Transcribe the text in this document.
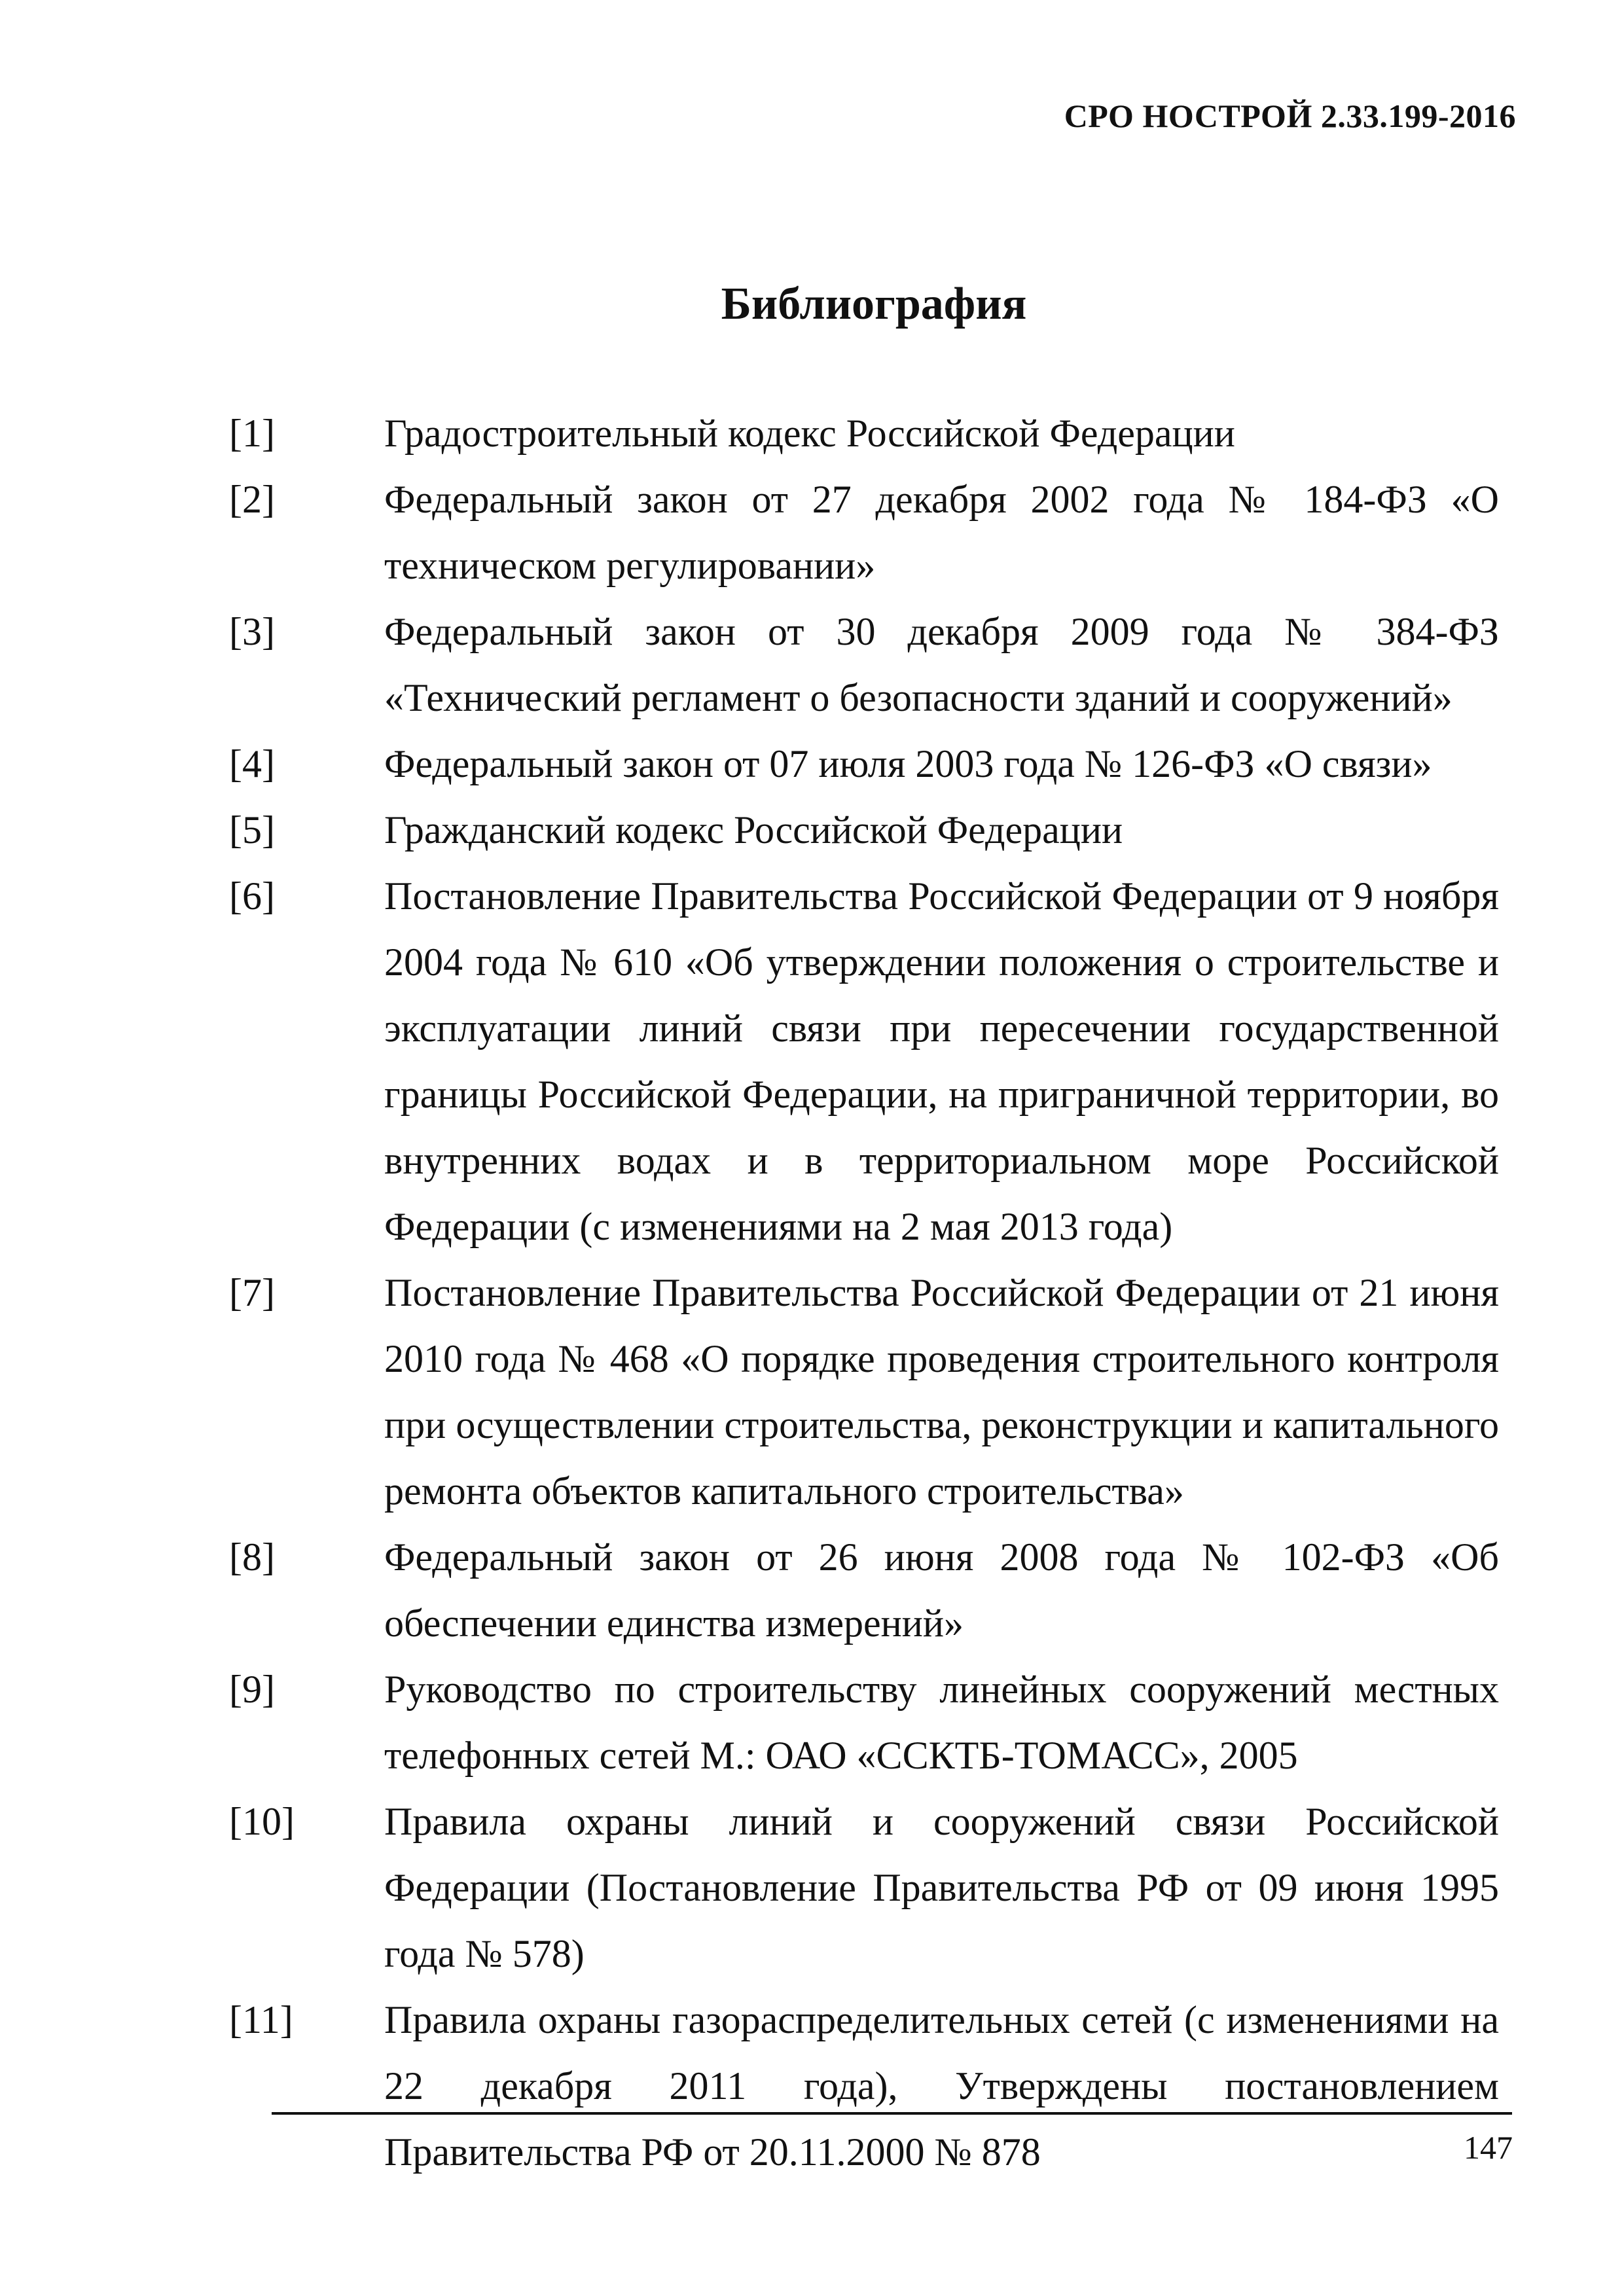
СРО НОСТРОЙ 2.33.199-2016
Библиография
[1]	Градостроительный кодекс Российской Федерации
[2]	Федеральный закон от 27 декабря 2002 года № 184-ФЗ «О техническом регулировании»
[3]	Федеральный закон от 30 декабря 2009 года № 384-ФЗ «Технический регламент о безопасности зданий и сооружений»
[4]	Федеральный закон от 07 июля 2003 года № 126-ФЗ «О связи»
[5]	Гражданский кодекс Российской Федерации
[6]	Постановление Правительства Российской Федерации от 9 ноября 2004 года № 610 «Об утверждении положения о строительстве и эксплуатации линий связи при пересечении государственной границы Российской Федерации, на приграничной территории, во внутренних водах и в территориальном море Российской Федерации (с изменениями на 2 мая 2013 года)
[7]	Постановление Правительства Российской Федерации от 21 июня 2010 года № 468 «О порядке проведения строительного контроля при осуществлении строительства, реконструкции и капитального ремонта объектов капитального строительства»
[8]	Федеральный закон от 26 июня 2008 года № 102-ФЗ «Об обеспечении единства измерений»
[9]	Руководство по строительству линейных сооружений местных телефонных сетей М.: ОАО «ССКТБ-ТОМАСС», 2005
[10] Правила охраны линий и сооружений связи Российской Федерации (Постановление Правительства РФ от 09 июня 1995 года № 578)
[11] Правила охраны газораспределительных сетей (с изменениями на 22 декабря 2011 года), Утверждены постановлением Правительства РФ от 20.11.2000 № 878	147
